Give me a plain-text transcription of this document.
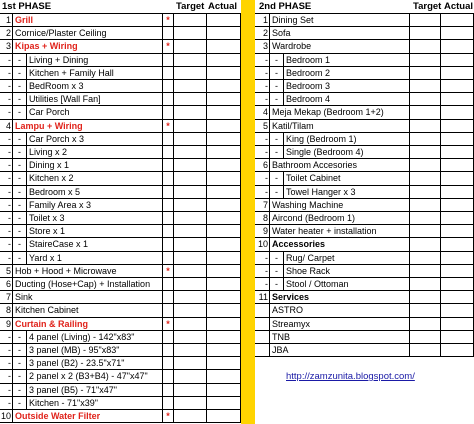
1st PHASE	Target Actual 2nd PHASE	Target Actual
1 Grill	*
2 Cornice/Plaster Ceiling
3 Kipas + Wiring	*
- - Living + Dining
- - Kitchen + Family Hall
- - BedRoom x 3
- - Utilities [Wall Fan]
- - Car Porch
4 Lampu + Wiring	*
- - Car Porch x 3
- - Living x 2
- - Dining x 1
- - Kitchen x 2
- - Bedroom x 5
- - Family Area x 3
- - Toilet x 3
- - Store x 1
- - StaireCase x 1
- - Yard x 1
5 Hob + Hood + Microwave	*
6 Ducting (Hose+Cap) + Installation
7 Sink
8 Kitchen Cabinet
9 Curtain & Railing	*
- - 4 panel (Living) - 142"x83"
- - 3 panel (MB) - 95"x83"
- - 3 panel (B2) - 23.5"x71"
- - 2 panel x 2 (B3+B4) - 47"x47"
- - 3 panel (B5) - 71"x47"
- - Kitchen - 71"x39"
10 Outside Water Filter	*
1 Dining Set
2 Sofa
3 Wardrobe
- - Bedroom 1
- - Bedroom 2
- - Bedroom 3
- - Bedroom 4
4 Meja Mekap (Bedroom 1+2)
5 Katil/Tilam
- - King (Bedroom 1)
- - Single (Bedroom 4)
6 Bathroom Accesories
- - Toilet Cabinet
- - Towel Hanger x 3
7 Washing Machine
8 Aircond (Bedroom 1)
9 Water heater + installation
10 Accessories
- - Rug/ Carpet
- - Shoe Rack
- - Stool / Ottoman
11 Services
ASTRO
Streamyx
TNB
JBA
http://zamzunita.blogspot.com/
